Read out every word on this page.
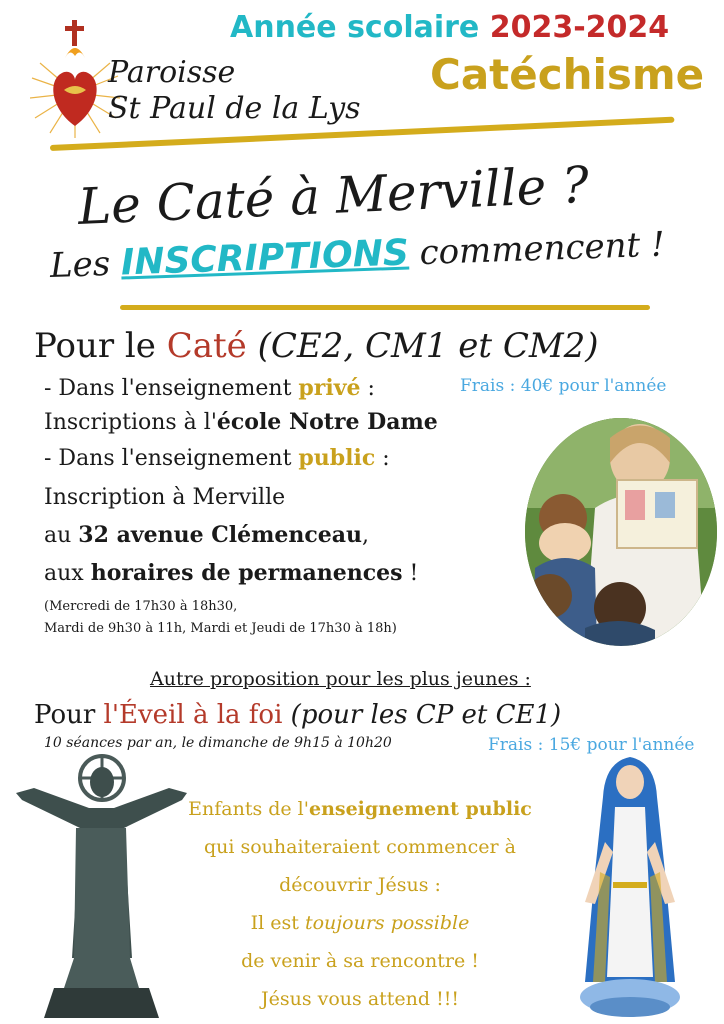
Année scolaire 2023-2024
Catéchisme
Paroisse
St Paul de la Lys
Le Caté à Merville ?
Les INSCRIPTIONS commencent !
Pour le Caté (CE2, CM1 et CM2)
Frais : 40€ pour l'année
- Dans l'enseignement privé :
Inscriptions à l'école Notre Dame
- Dans l'enseignement public :
Inscription à Merville
au 32 avenue Clémenceau,
aux horaires de permanences !
(Mercredi de 17h30 à 18h30,
Mardi de 9h30 à 11h, Mardi et Jeudi de 17h30 à 18h)
Autre proposition pour les plus jeunes :
Pour l'Éveil à la foi (pour les CP et CE1)
10 séances par an, le dimanche de 9h15 à 10h20	Frais : 15€ pour l'année
Enfants de l'enseignement public
qui souhaiteraient commencer à
découvrir Jésus :
Il est toujours possible
de venir à sa rencontre !
Jésus vous attend !!!
